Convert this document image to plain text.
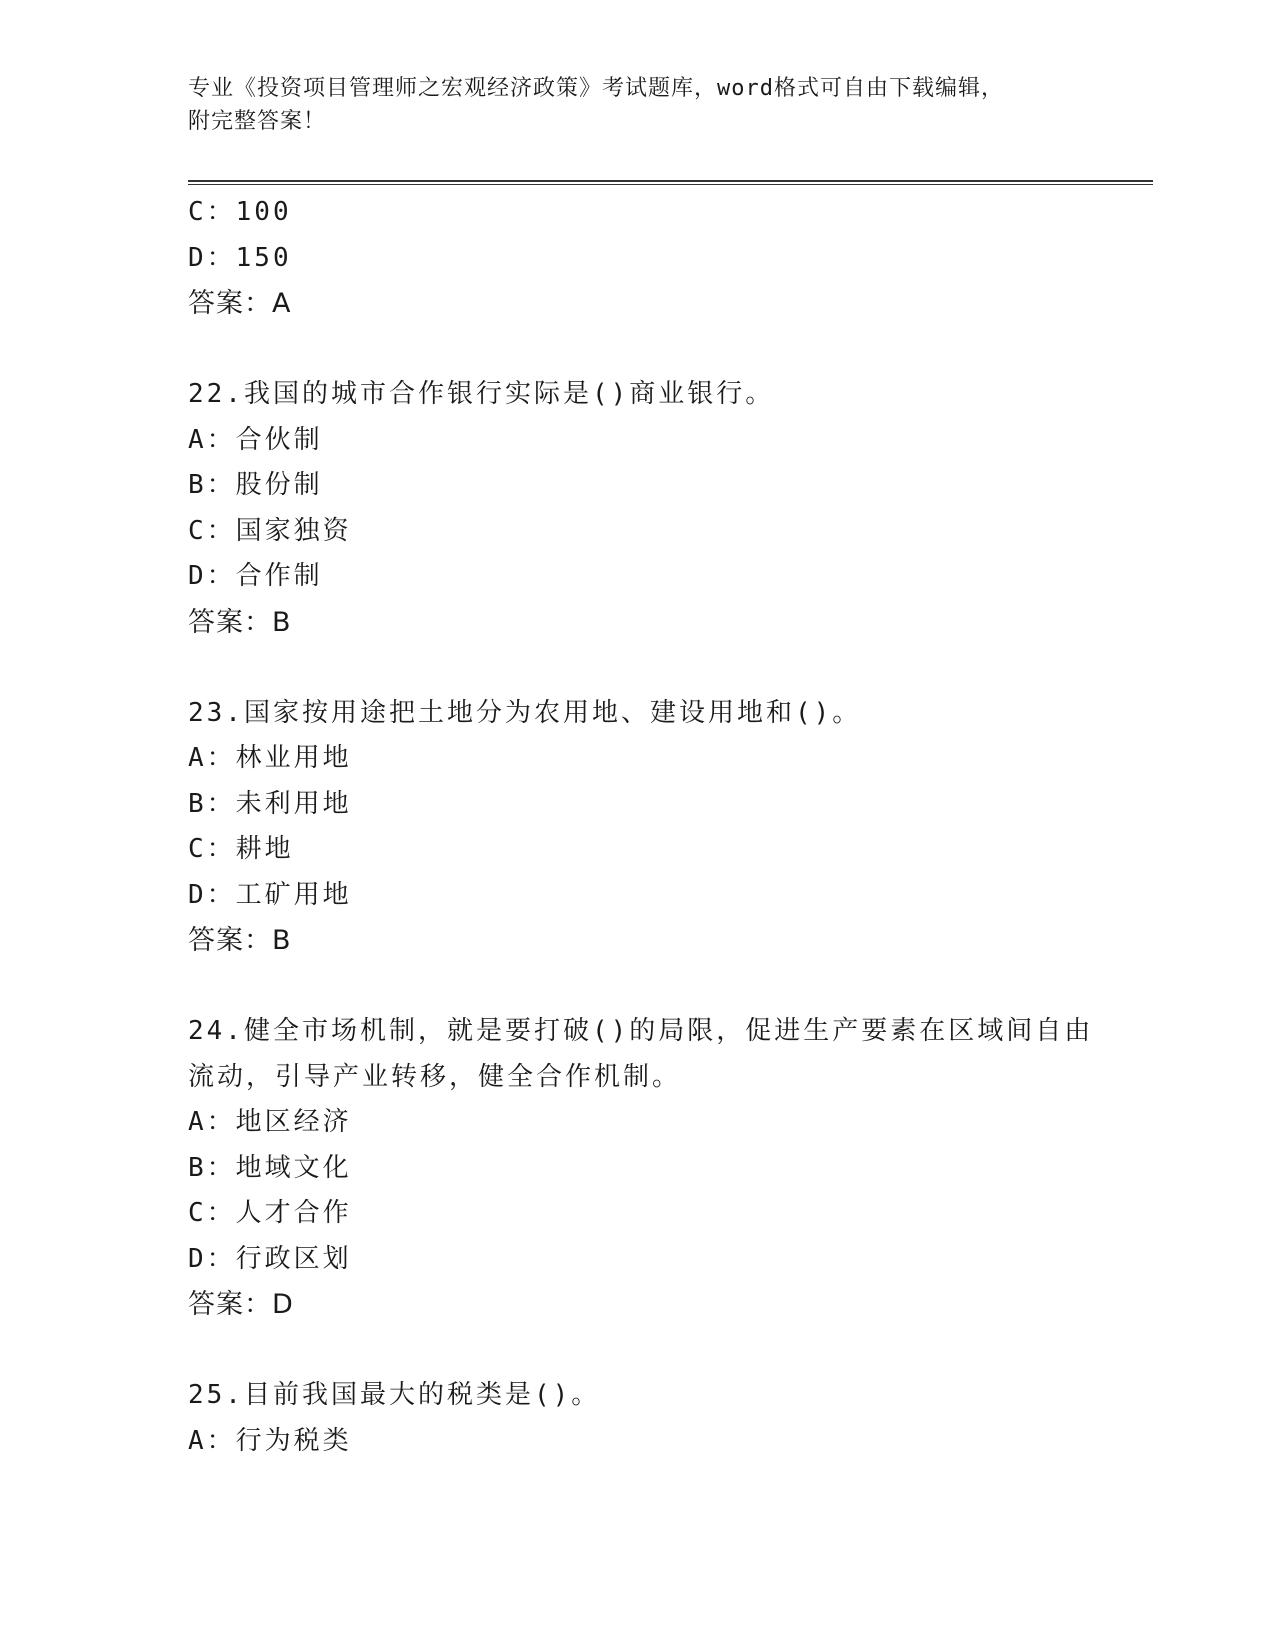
专业《投资项目管理师之宏观经济政策》考试题库，word格式可自由下载编辑，
附完整答案！
C：100
D：150
答案：A
22.我国的城市合作银行实际是()商业银行。
A：合伙制
B：股份制
C：国家独资
D：合作制
答案：B
23.国家按用途把土地分为农用地、建设用地和()。
A：林业用地
B：未利用地
C：耕地
D：工矿用地
答案：B
24.健全市场机制，就是要打破()的局限，促进生产要素在区域间自由
流动，引导产业转移，健全合作机制。
A：地区经济
B：地域文化
C：人才合作
D：行政区划
答案：D
25.目前我国最大的税类是()。
A：行为税类
